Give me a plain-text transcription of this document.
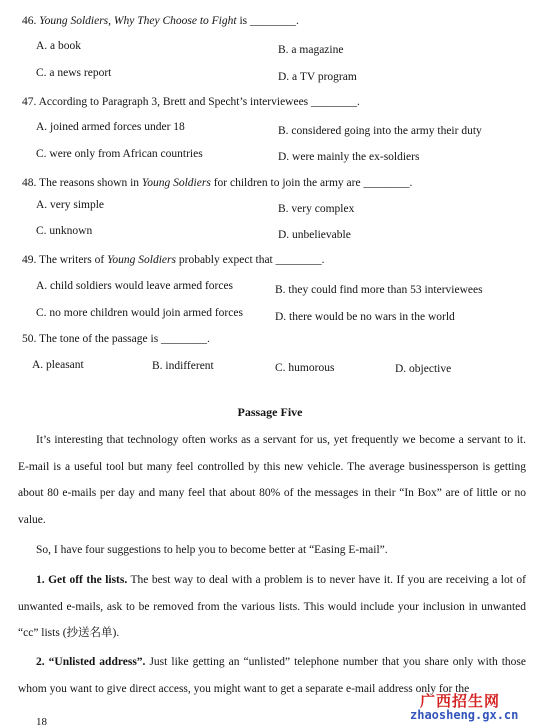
46. Young Soldiers, Why They Choose to Fight is ________.
A. a book	B. a magazine
C. a news report	D. a TV program
47. According to Paragraph 3, Brett and Specht’s interviewees ________.
A. joined armed forces under 18	B. considered going into the army their duty
C. were only from African countries	D. were mainly the ex-soldiers
48. The reasons shown in Young Soldiers for children to join the army are ________.
A. very simple	B. very complex
C. unknown	D. unbelievable
49. The writers of Young Soldiers probably expect that ________.
A. child soldiers would leave armed forces	B. they could find more than 53 interviewees
C. no more children would join armed forces	D. there would be no wars in the world
50. The tone of the passage is ________.
A. pleasant	B. indifferent	C. humorous	D. objective
Passage Five

It’s interesting that technology often works as a servant for us, yet frequently we become a servant to it. E-mail is a useful tool but many feel controlled by this new vehicle. The average businessperson is getting about 80 e-mails per day and many feel that about 80% of the messages in their “In Box” are of little or no value.

So, I have four suggestions to help you to become better at “Easing E-mail”.

1. Get off the lists. The best way to deal with a problem is to never have it. If you are receiving a lot of unwanted e-mails, ask to be removed from the various lists. This would include your inclusion in unwanted “cc” lists (抄送名单).

2. “Unlisted address”. Just like getting an “unlisted” telephone number that you share only with those whom you want to give direct access, you might want to get a separate e-mail address only for the

18
广西招生网
zhaosheng.gx.cn
